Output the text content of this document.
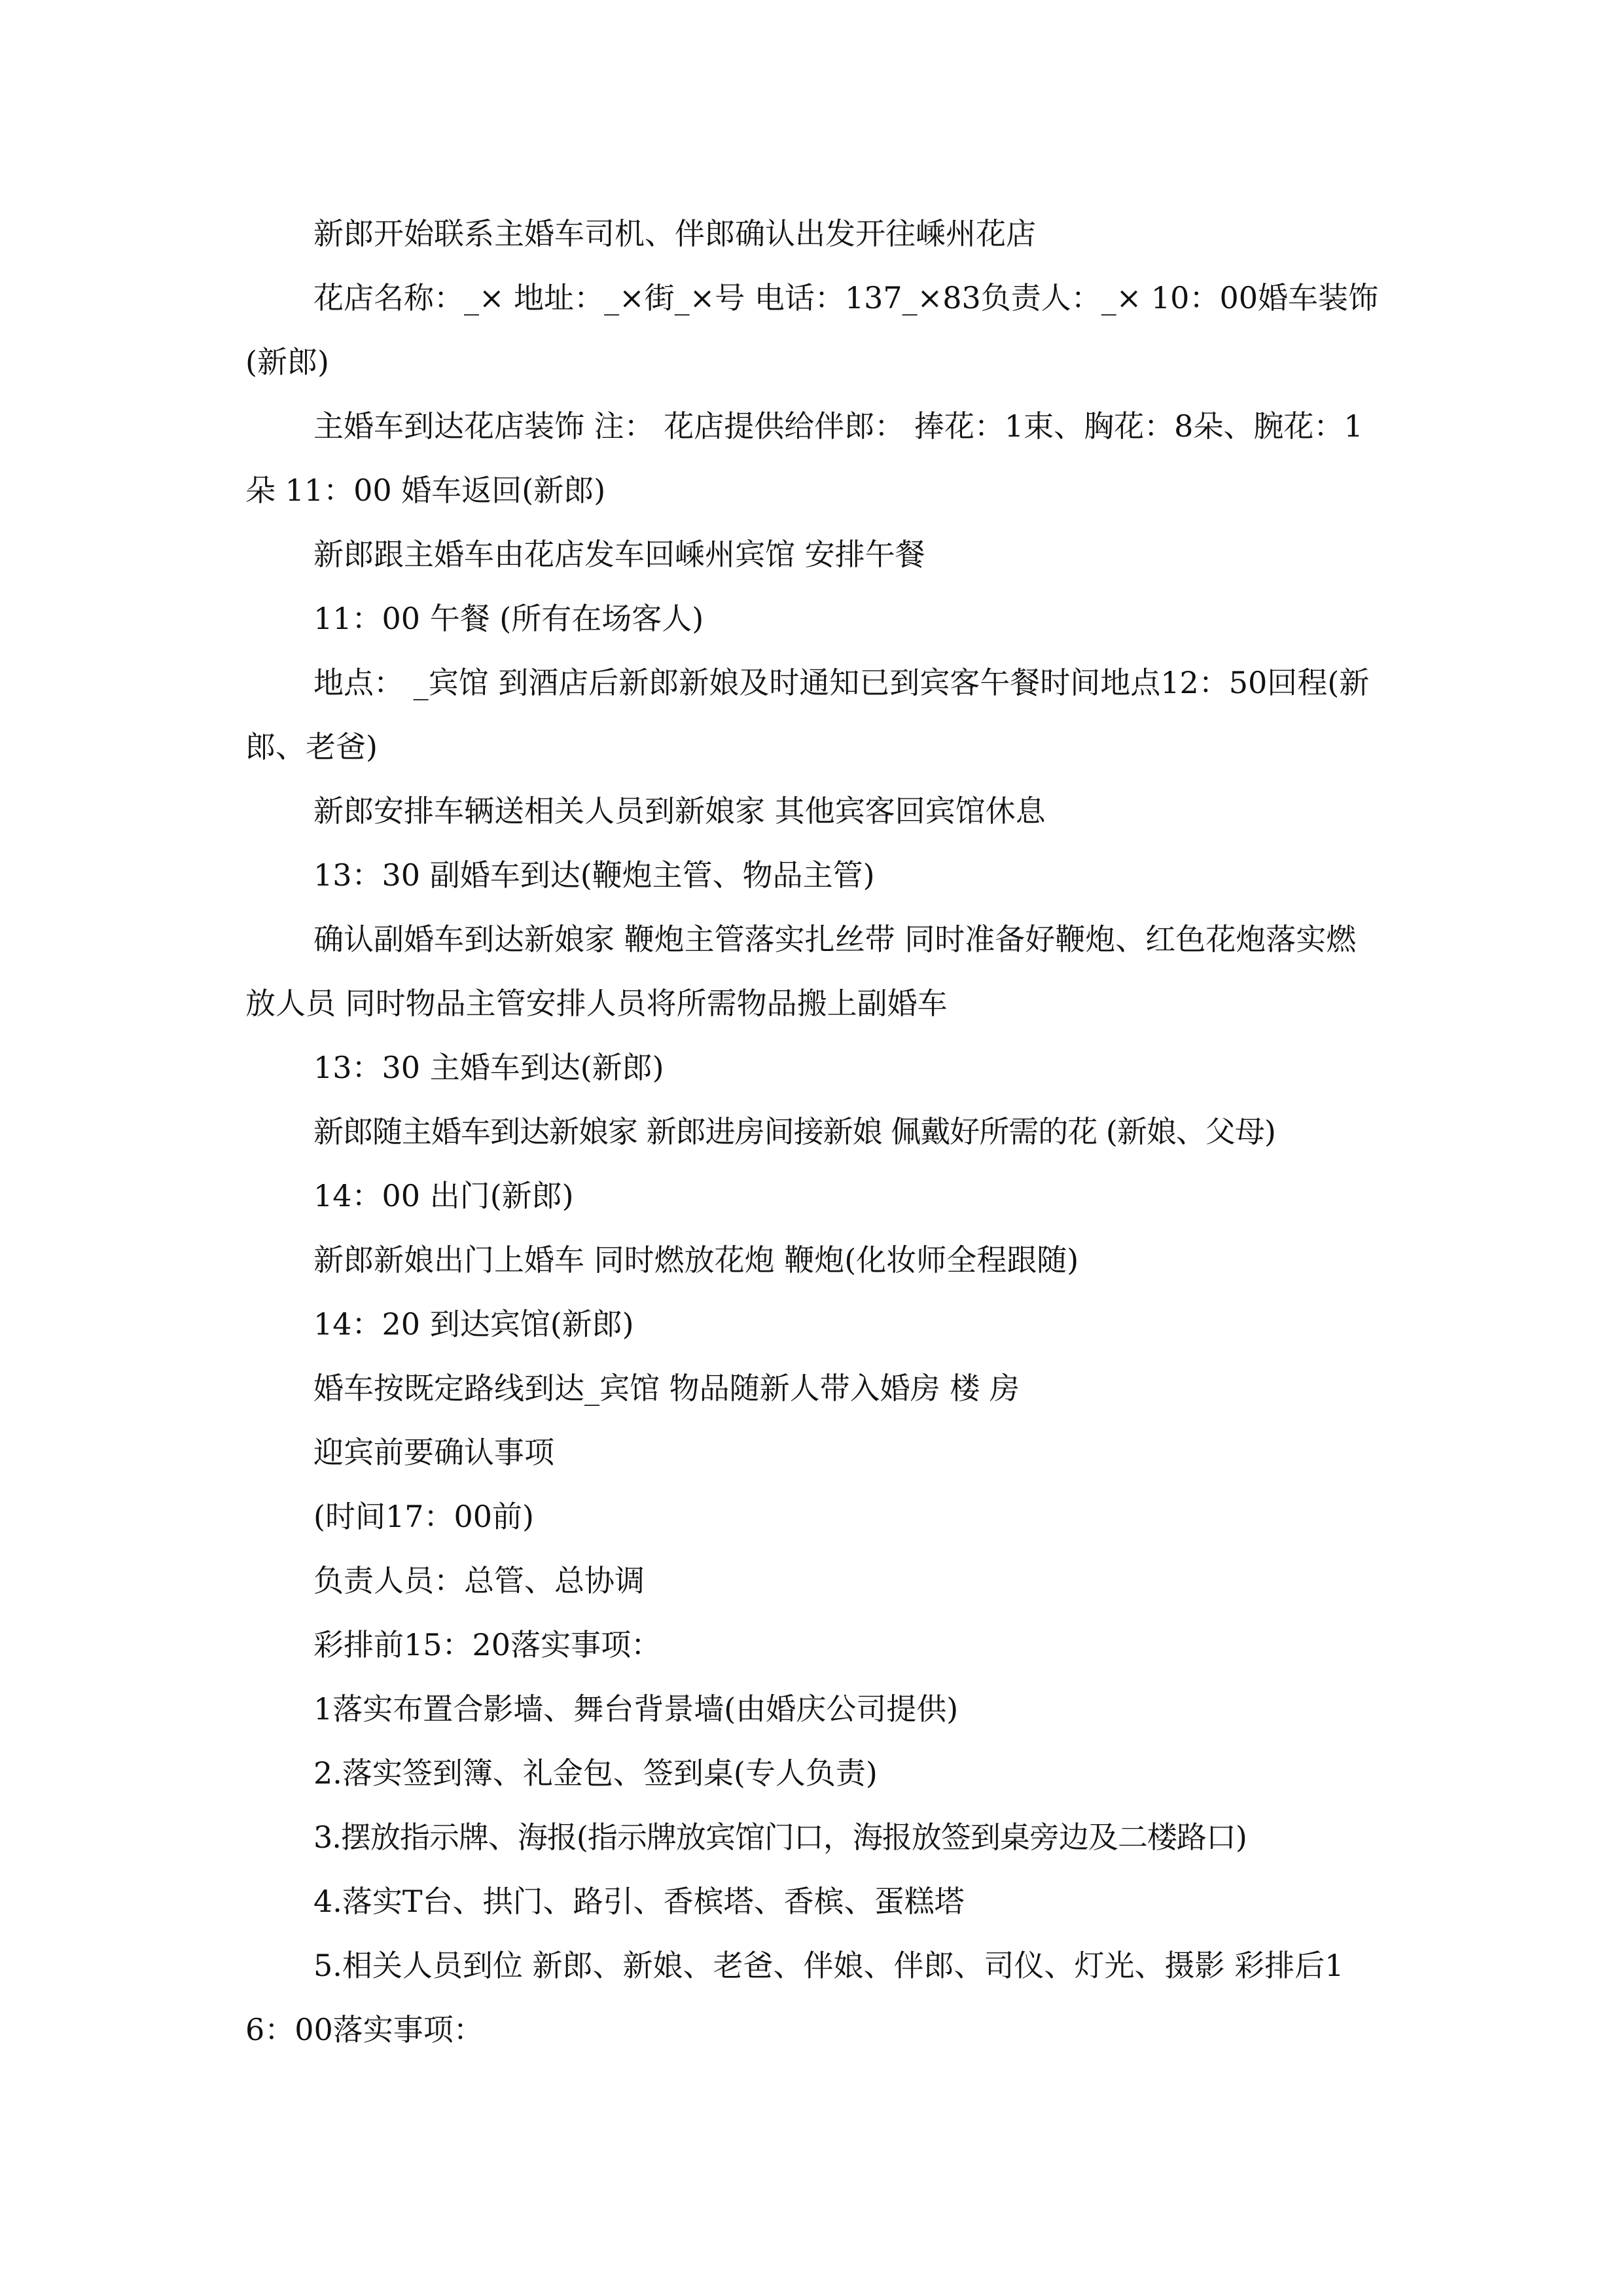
新郎开始联系主婚车司机、伴郎确认出发开往嵊州花店

花店名称：_× 地址：_×街_×号 电话：137_×83负责人：_× 10：00婚车装饰 (新郎)

主婚车到达花店装饰 注： 花店提供给伴郎： 捧花：1束、胸花：8朵、腕花：1朵 11：00 婚车返回(新郎)

新郎跟主婚车由花店发车回嵊州宾馆 安排午餐

11：00 午餐 (所有在场客人)

地点： _宾馆 到酒店后新郎新娘及时通知已到宾客午餐时间地点12：50回程(新郎、老爸)

新郎安排车辆送相关人员到新娘家 其他宾客回宾馆休息

13：30 副婚车到达(鞭炮主管、物品主管)

确认副婚车到达新娘家 鞭炮主管落实扎丝带 同时准备好鞭炮、红色花炮落实燃放人员 同时物品主管安排人员将所需物品搬上副婚车

13：30 主婚车到达(新郎)

新郎随主婚车到达新娘家 新郎进房间接新娘 佩戴好所需的花 (新娘、父母)

14：00 出门(新郎)

新郎新娘出门上婚车 同时燃放花炮 鞭炮(化妆师全程跟随)

14：20 到达宾馆(新郎)

婚车按既定路线到达_宾馆 物品随新人带入婚房 楼 房

迎宾前要确认事项

(时间17：00前)

负责人员：总管、总协调

彩排前15：20落实事项：

1落实布置合影墙、舞台背景墙(由婚庆公司提供)

2.落实签到簿、礼金包、签到桌(专人负责)

3.摆放指示牌、海报(指示牌放宾馆门口，海报放签到桌旁边及二楼路口)

4.落实T台、拱门、路引、香槟塔、香槟、蛋糕塔

5.相关人员到位 新郎、新娘、老爸、伴娘、伴郎、司仪、灯光、摄影 彩排后16：00落实事项：
